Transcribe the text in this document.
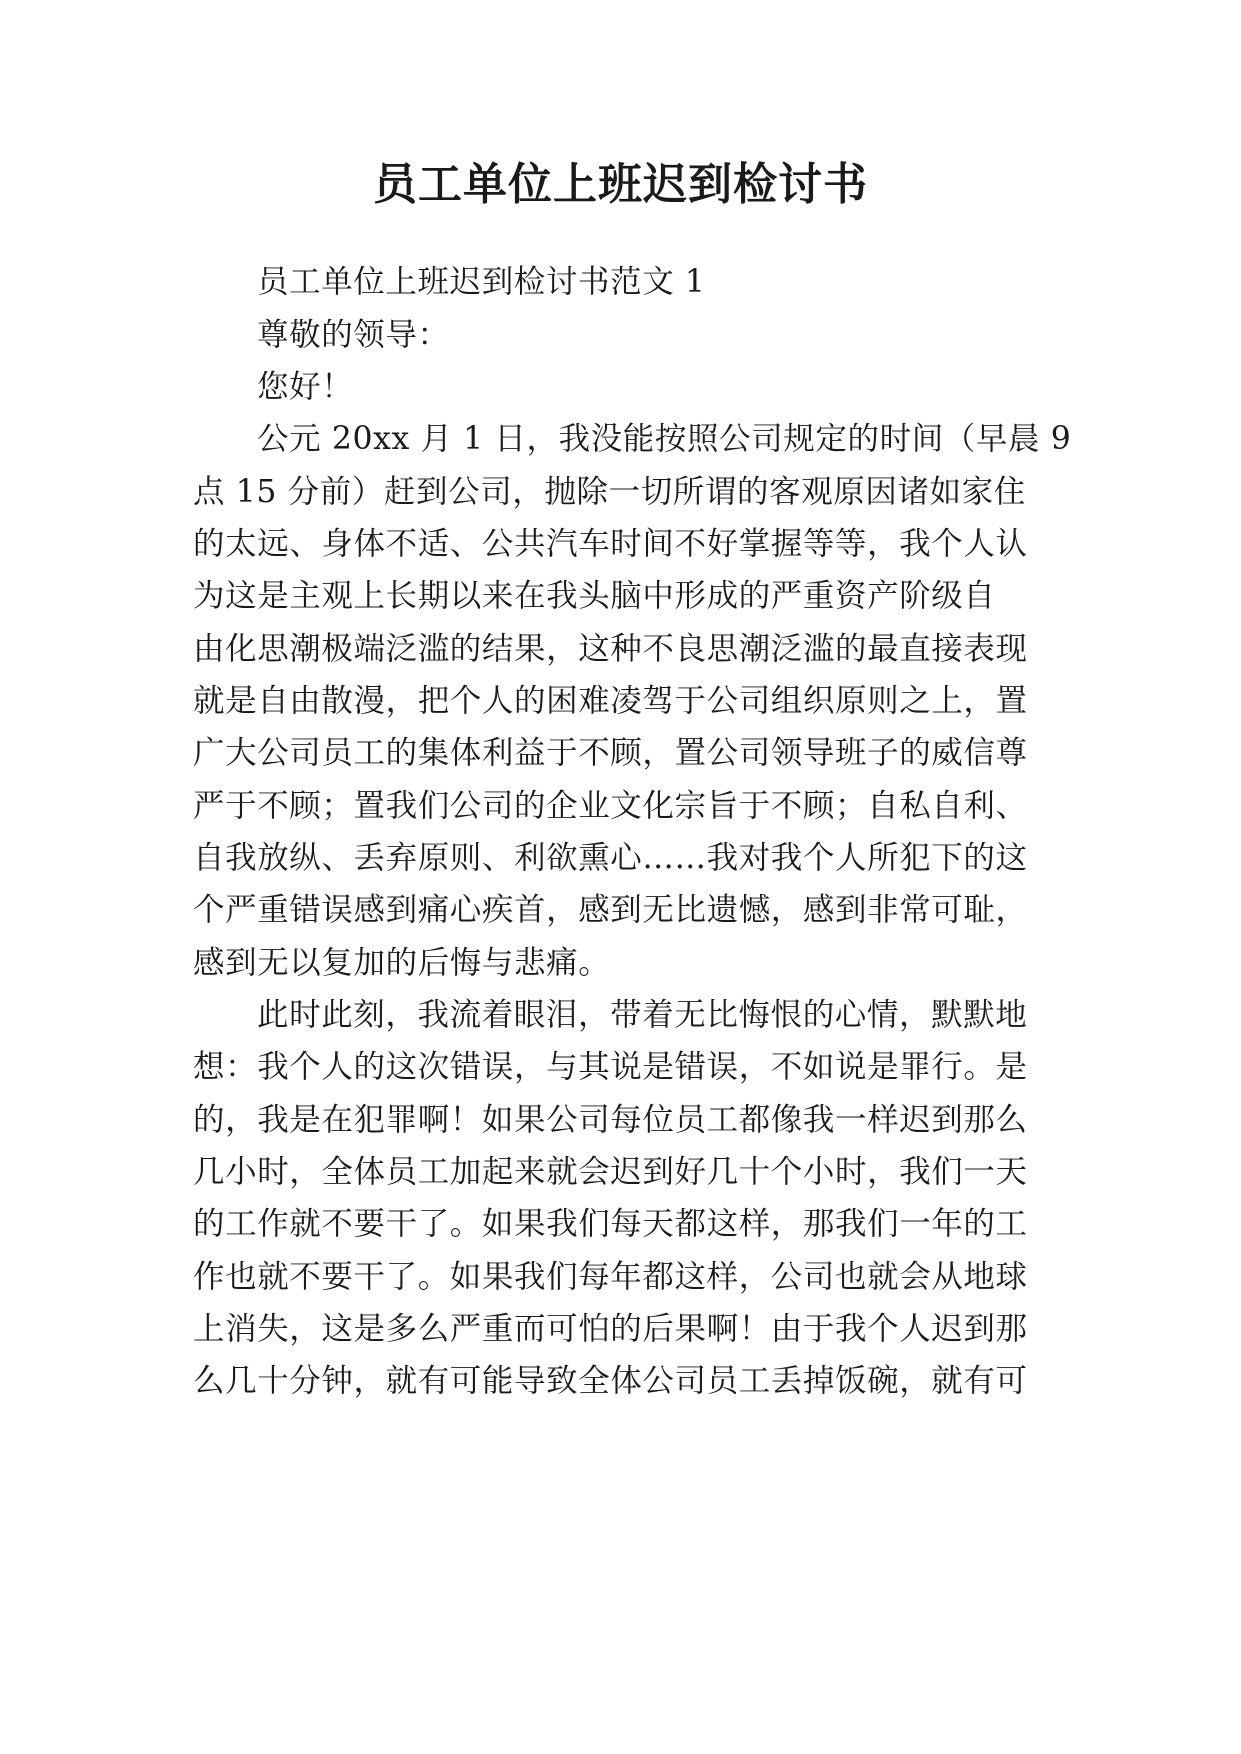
员工单位上班迟到检讨书

员工单位上班迟到检讨书范文 1

尊敬的领导：

您好！

公元 20xx 月 1 日，我没能按照公司规定的时间（早晨 9

点 15 分前）赶到公司，抛除一切所谓的客观原因诸如家住

的太远、身体不适、公共汽车时间不好掌握等等，我个人认

为这是主观上长期以来在我头脑中形成的严重资产阶级自

由化思潮极端泛滥的结果，这种不良思潮泛滥的最直接表现

就是自由散漫，把个人的困难凌驾于公司组织原则之上，置

广大公司员工的集体利益于不顾，置公司领导班子的威信尊

严于不顾；置我们公司的企业文化宗旨于不顾；自私自利、

自我放纵、丢弃原则、利欲熏心……我对我个人所犯下的这

个严重错误感到痛心疾首，感到无比遗憾，感到非常可耻，

感到无以复加的后悔与悲痛。

此时此刻，我流着眼泪，带着无比悔恨的心情，默默地

想：我个人的这次错误，与其说是错误，不如说是罪行。是

的，我是在犯罪啊！如果公司每位员工都像我一样迟到那么

几小时，全体员工加起来就会迟到好几十个小时，我们一天

的工作就不要干了。如果我们每天都这样，那我们一年的工

作也就不要干了。如果我们每年都这样，公司也就会从地球

上消失，这是多么严重而可怕的后果啊！由于我个人迟到那

么几十分钟，就有可能导致全体公司员工丢掉饭碗，就有可
